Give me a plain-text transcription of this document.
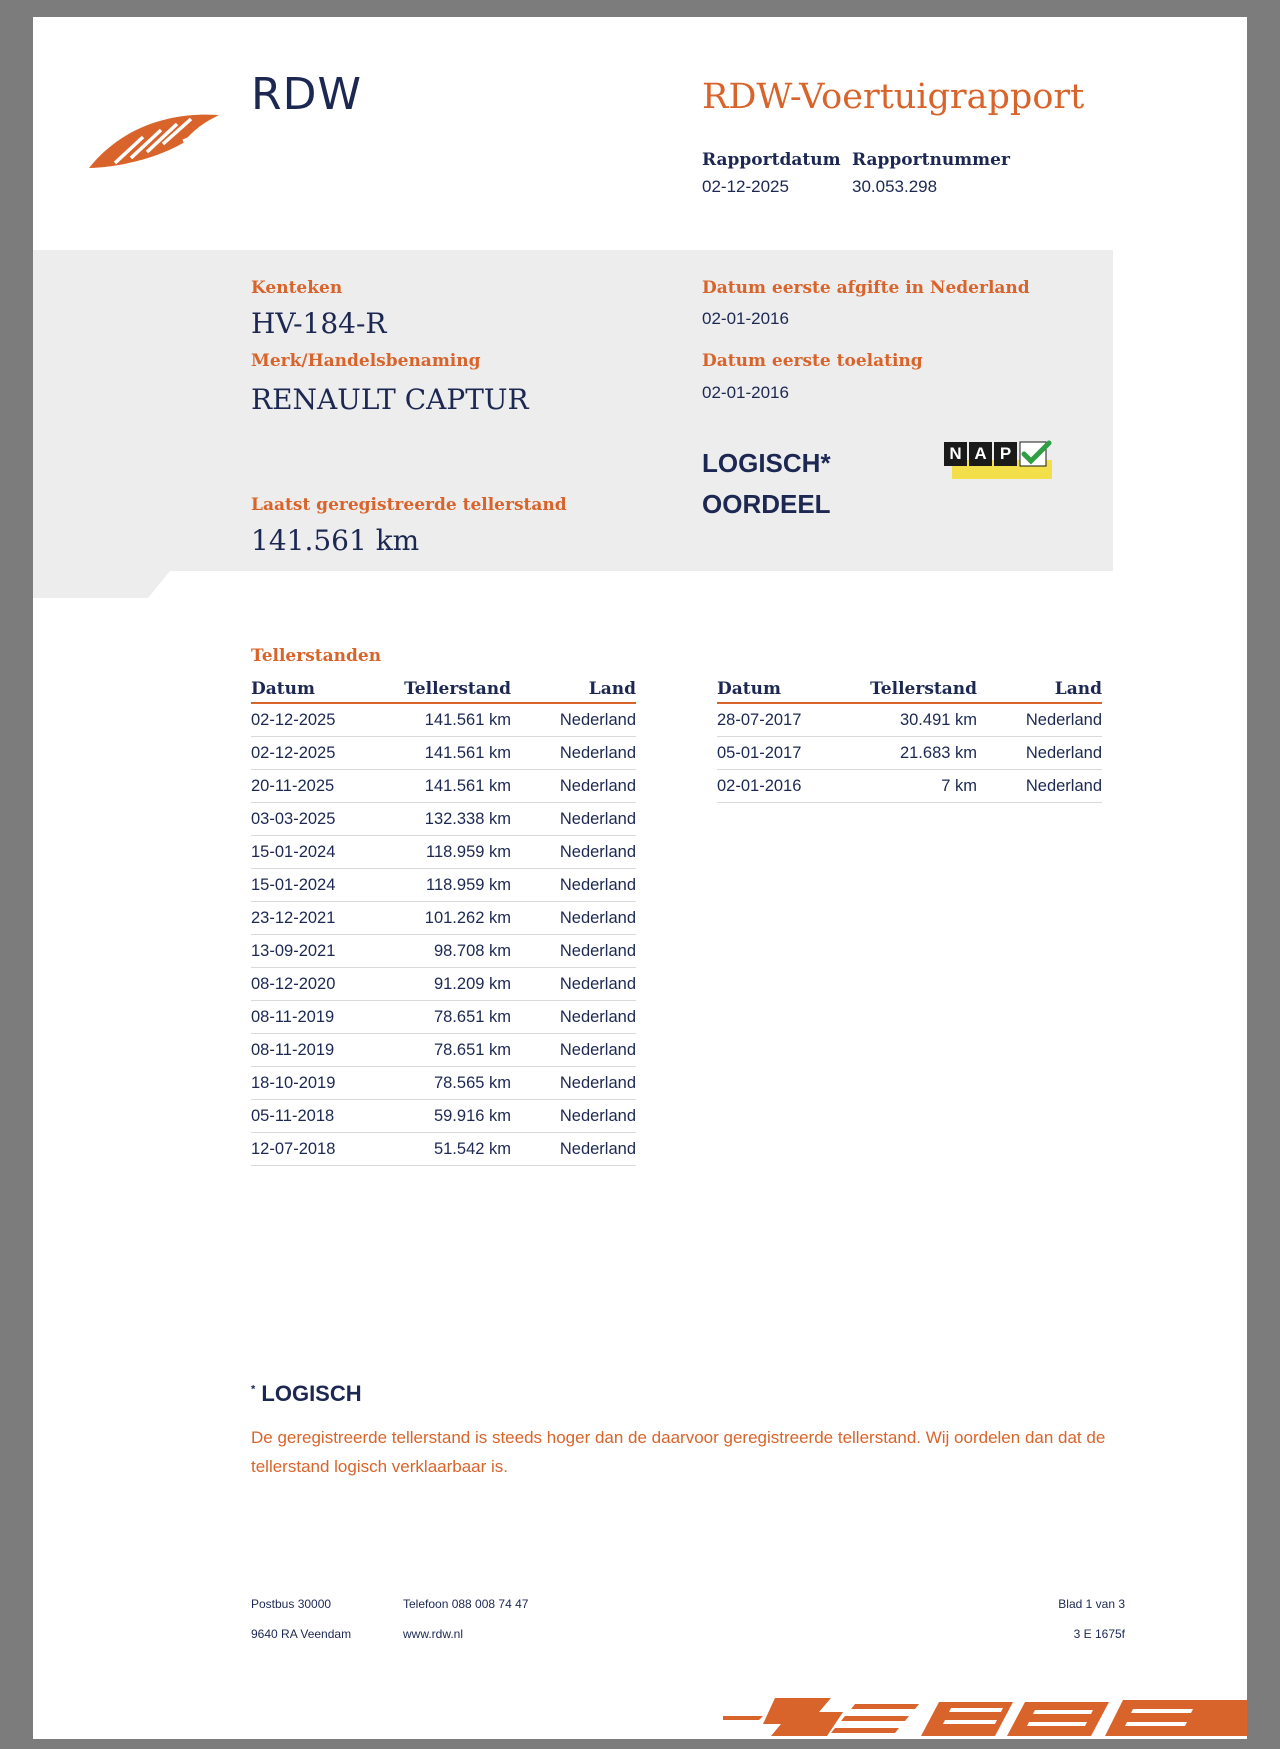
RDW	RDW-Voertuigrapport
Rapportdatum
02-12-2025
Rapportnummer
30.053.298
Kenteken
HV-184-R
Merk/Handelsbenaming
RENAULT CAPTUR
Laatst geregistreerde tellerstand
141.561 km
Datum eerste afgifte in Nederland
02-01-2016
Datum eerste toelating
02-01-2016
LOGISCH*
OORDEEL
N A P
Tellerstanden
Datum	Tellerstand	Land
02-12-2025	141.561 km	Nederland
02-12-2025	141.561 km	Nederland
20-11-2025	141.561 km	Nederland
03-03-2025	132.338 km	Nederland
15-01-2024	118.959 km	Nederland
15-01-2024	118.959 km	Nederland
23-12-2021	101.262 km	Nederland
13-09-2021	98.708 km	Nederland
08-12-2020	91.209 km	Nederland
08-11-2019	78.651 km	Nederland
08-11-2019	78.651 km	Nederland
18-10-2019	78.565 km	Nederland
05-11-2018	59.916 km	Nederland
12-07-2018	51.542 km	Nederland
Datum	Tellerstand	Land
28-07-2017	30.491 km	Nederland
05-01-2017	21.683 km	Nederland
02-01-2016	7 km	Nederland
* LOGISCH
De geregistreerde tellerstand is steeds hoger dan de daarvoor geregistreerde tellerstand. Wij oordelen dan dat de tellerstand logisch verklaarbaar is.
Postbus 30000
9640 RA Veendam
Telefoon 088 008 74 47
www.rdw.nl
Blad 1 van 3
3 E 1675f
